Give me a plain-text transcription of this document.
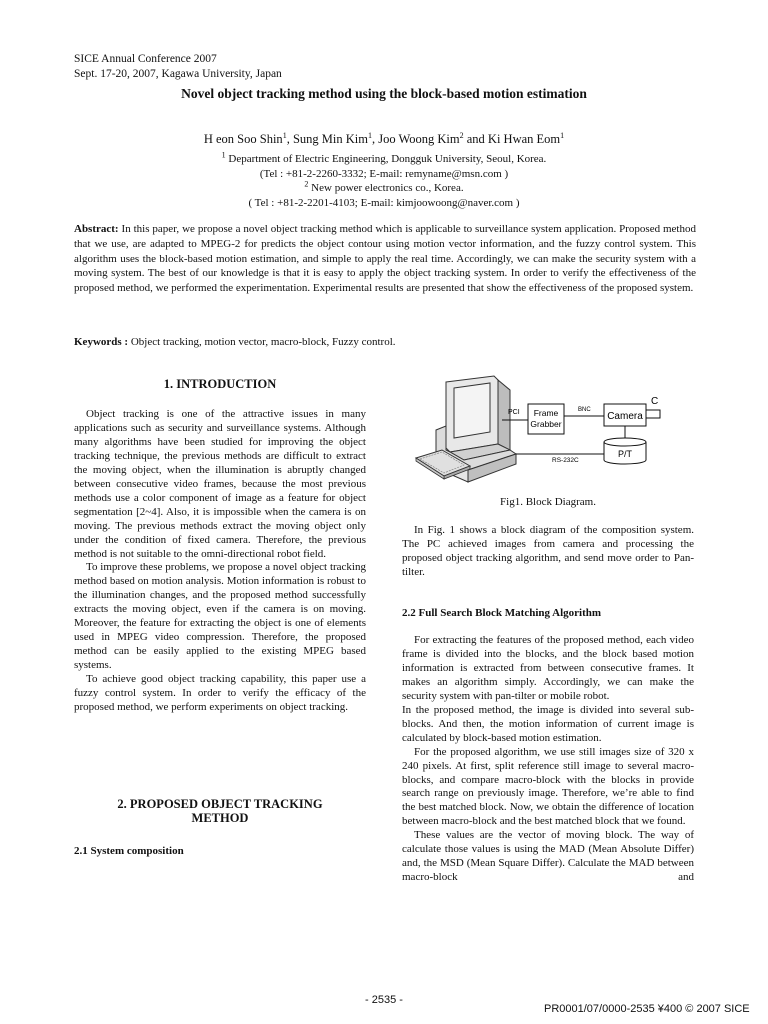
SICE Annual Conference 2007
Sept. 17-20, 2007, Kagawa University, Japan
Novel object tracking method using the block-based motion estimation
H eon Soo Shin$^1$, Sung Min Kim$^1$, Joo Woong Kim$^2$ and Ki Hwan Eom$^1$
$^1$ Department of Electric Engineering, Dongguk University, Seoul, Korea.
(Tel : +81-2-2260-3332; E-mail: remyname@msn.com )
$^2$ New power electronics co., Korea.
( Tel : +81-2-2201-4103; E-mail: kimjoowoong@naver.com )
Abstract: In this paper, we propose a novel object tracking method which is applicable to surveillance system application. Proposed method that we use, are adapted to MPEG-2 for predicts the object contour using motion vector information, and the fuzzy control system. This algorithm uses the block-based motion estimation, and simple to apply the real time. Accordingly, we can make the security system with a moving system. The best of our knowledge is that it is easy to apply the object tracking system. In order to verify the effectiveness of the proposed method, we performed the experimentation. Experimental results are presented that show the effectiveness of the proposed system.
Keywords : Object tracking, motion vector, macro-block, Fuzzy control.
1. INTRODUCTION

Object tracking is one of the attractive issues in many applications such as security and surveillance systems. Although many algorithms have been studied for improving the object tracking technique, the previous methods are difficult to extract the moving object, when the illumination is abruptly changed between consecutive video frames, because the most previous methods use a color component of image as a feature for object segmentation [2~4]. Also, it is impossible when the camera is on moving. The previous methods extract the moving object only under the condition of fixed camera. Therefore, the previous method is not suitable to the omni-directional robot field.

To improve these problems, we propose a novel object tracking method based on motion analysis. Motion information is robust to the illumination changes, and the proposed method successfully extracts the moving object, even if the camera is on moving. Moreover, the feature for extracting the object is one of elements used in MPEG video compression. Therefore, the proposed method can be easily applied to the existing MPEG based systems.

To achieve good object tracking capability, this paper use a fuzzy control system. In order to verify the efficacy of the proposed method, we perform experiments on object tracking.

2. PROPOSED OBJECT TRACKING
METHOD
2.1 System composition
PCI Frame
Grabber
BNC
Camera
C
P/T
RS-232C
Fig1. Block Diagram.

In Fig. 1 shows a block diagram of the composition system. The PC achieved images from camera and processing the proposed object tracking algorithm, and send move order to Pan-tilter.

2.2 Full Search Block Matching Algorithm

For extracting the features of the proposed method, each video frame is divided into the blocks, and the block based motion information is extracted from between consecutive frames. It makes an algorithm simply. Accordingly, we can make the security system with pan-tilter or mobile robot.

In the proposed method, the image is divided into several sub-blocks. And then, the motion information of current image is calculated by block-based motion estimation.

For the proposed algorithm, we use still images size of 320 x 240 pixels. At first, split reference still image to several macro-blocks, and compare macro-block with the blocks in provide search range on previously image. Therefore, we’re able to find the best matched block. Now, we obtain the difference of location between macro-block and the best matched block that we found.

These values are the vector of moving block. The way of calculate those values is using the MAD (Mean Absolute Differ) and, the MSD (Mean Square Differ). Calculate the MAD between macro-block and

- 2535 -
PR0001/07/0000-2535 ¥400 © 2007 SICE
